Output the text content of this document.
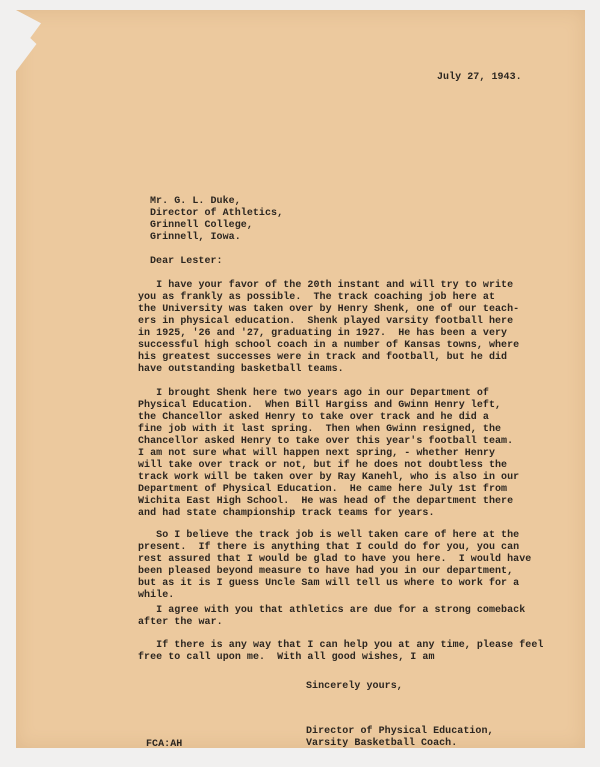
July 27, 1943.

Mr. G. L. Duke,

Director of Athletics,

Grinnell College,

Grinnell, Iowa.

Dear Lester:

I have your favor of the 20th instant and will try to write

you as frankly as possible.  The track coaching job here at

the University was taken over by Henry Shenk, one of our teach-

ers in physical education.  Shenk played varsity football here

in 1925, '26 and '27, graduating in 1927.  He has been a very

successful high school coach in a number of Kansas towns, where

his greatest successes were in track and football, but he did

have outstanding basketball teams.

I brought Shenk here two years ago in our Department of

Physical Education.  When Bill Hargiss and Gwinn Henry left,

the Chancellor asked Henry to take over track and he did a

fine job with it last spring.  Then when Gwinn resigned, the

Chancellor asked Henry to take over this year's football team.

I am not sure what will happen next spring, - whether Henry

will take over track or not, but if he does not doubtless the

track work will be taken over by Ray Kanehl, who is also in our

Department of Physical Education.  He came here July 1st from

Wichita East High School.  He was head of the department there

and had state championship track teams for years.

So I believe the track job is well taken care of here at the

present.  If there is anything that I could do for you, you can

rest assured that I would be glad to have you here.  I would have

been pleased beyond measure to have had you in our department,

but as it is I guess Uncle Sam will tell us where to work for a

while.

I agree with you that athletics are due for a strong comeback

after the war.

If there is any way that I can help you at any time, please feel

free to call upon me.  With all good wishes, I am

Sincerely yours,

Director of Physical Education,

Varsity Basketball Coach.

FCA:AH
